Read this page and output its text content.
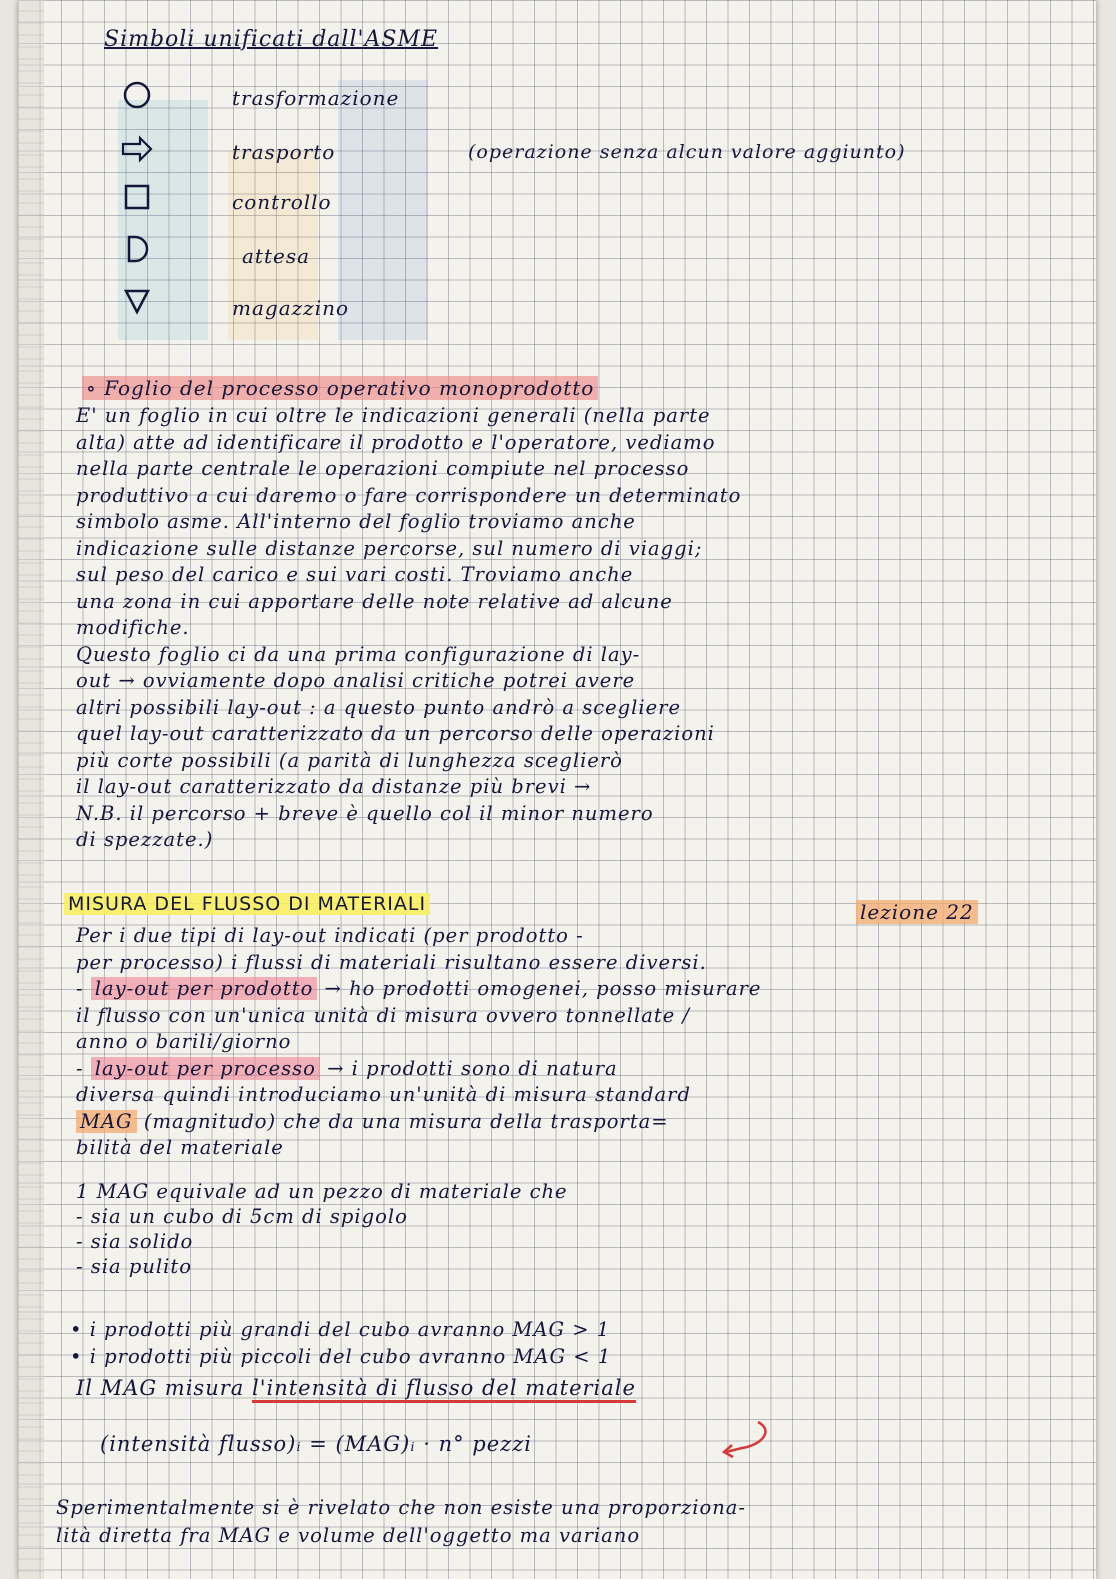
Simboli unificati dall'ASME
trasformazione
trasporto	(operazione senza alcun valore aggiunto)
controllo
attesa
magazzino
∘ Foglio del processo operativo monoprodotto
E' un foglio in cui oltre le indicazioni generali (nella parte
alta) atte ad identificare il prodotto e l'operatore, vediamo
nella parte centrale le operazioni compiute nel processo
produttivo a cui daremo o fare corrispondere un determinato
simbolo asme. All'interno del foglio troviamo anche
indicazione sulle distanze percorse, sul numero di viaggi;
sul peso del carico e sui vari costi. Troviamo anche
una zona in cui apportare delle note relative ad alcune
modifiche.
Questo foglio ci da una prima configurazione di lay-
out → ovviamente dopo analisi critiche potrei avere
altri possibili lay-out : a questo punto andrò a scegliere
quel lay-out caratterizzato da un percorso delle operazioni
più corte possibili (a parità di lunghezza sceglierò
il lay-out caratterizzato da distanze più brevi →
N.B. il percorso + breve è quello col il minor numero
di spezzate.)
MISURA DEL FLUSSO DI MATERIALI	lezione 22
Per i due tipi di lay-out indicati (per prodotto -
per processo) i flussi di materiali risultano essere diversi.
- lay-out per prodotto → ho prodotti omogenei, posso misurare
il flusso con un'unica unità di misura ovvero tonnellate /
anno o barili/giorno
- lay-out per processo → i prodotti sono di natura
diversa quindi introduciamo un'unità di misura standard
MAG (magnitudo) che da una misura della trasporta=
bilità del materiale
1 MAG equivale ad un pezzo di materiale che
- sia un cubo di 5cm di spigolo
- sia solido
- sia pulito
• i prodotti più grandi del cubo avranno MAG > 1
• i prodotti più piccoli del cubo avranno MAG < 1
Il MAG misura l'intensità di flusso del materiale
(intensità flusso)ᵢ = (MAG)ᵢ · n° pezzi
Sperimentalmente si è rivelato che non esiste una proporziona-
lità diretta fra MAG e volume dell'oggetto ma variano
